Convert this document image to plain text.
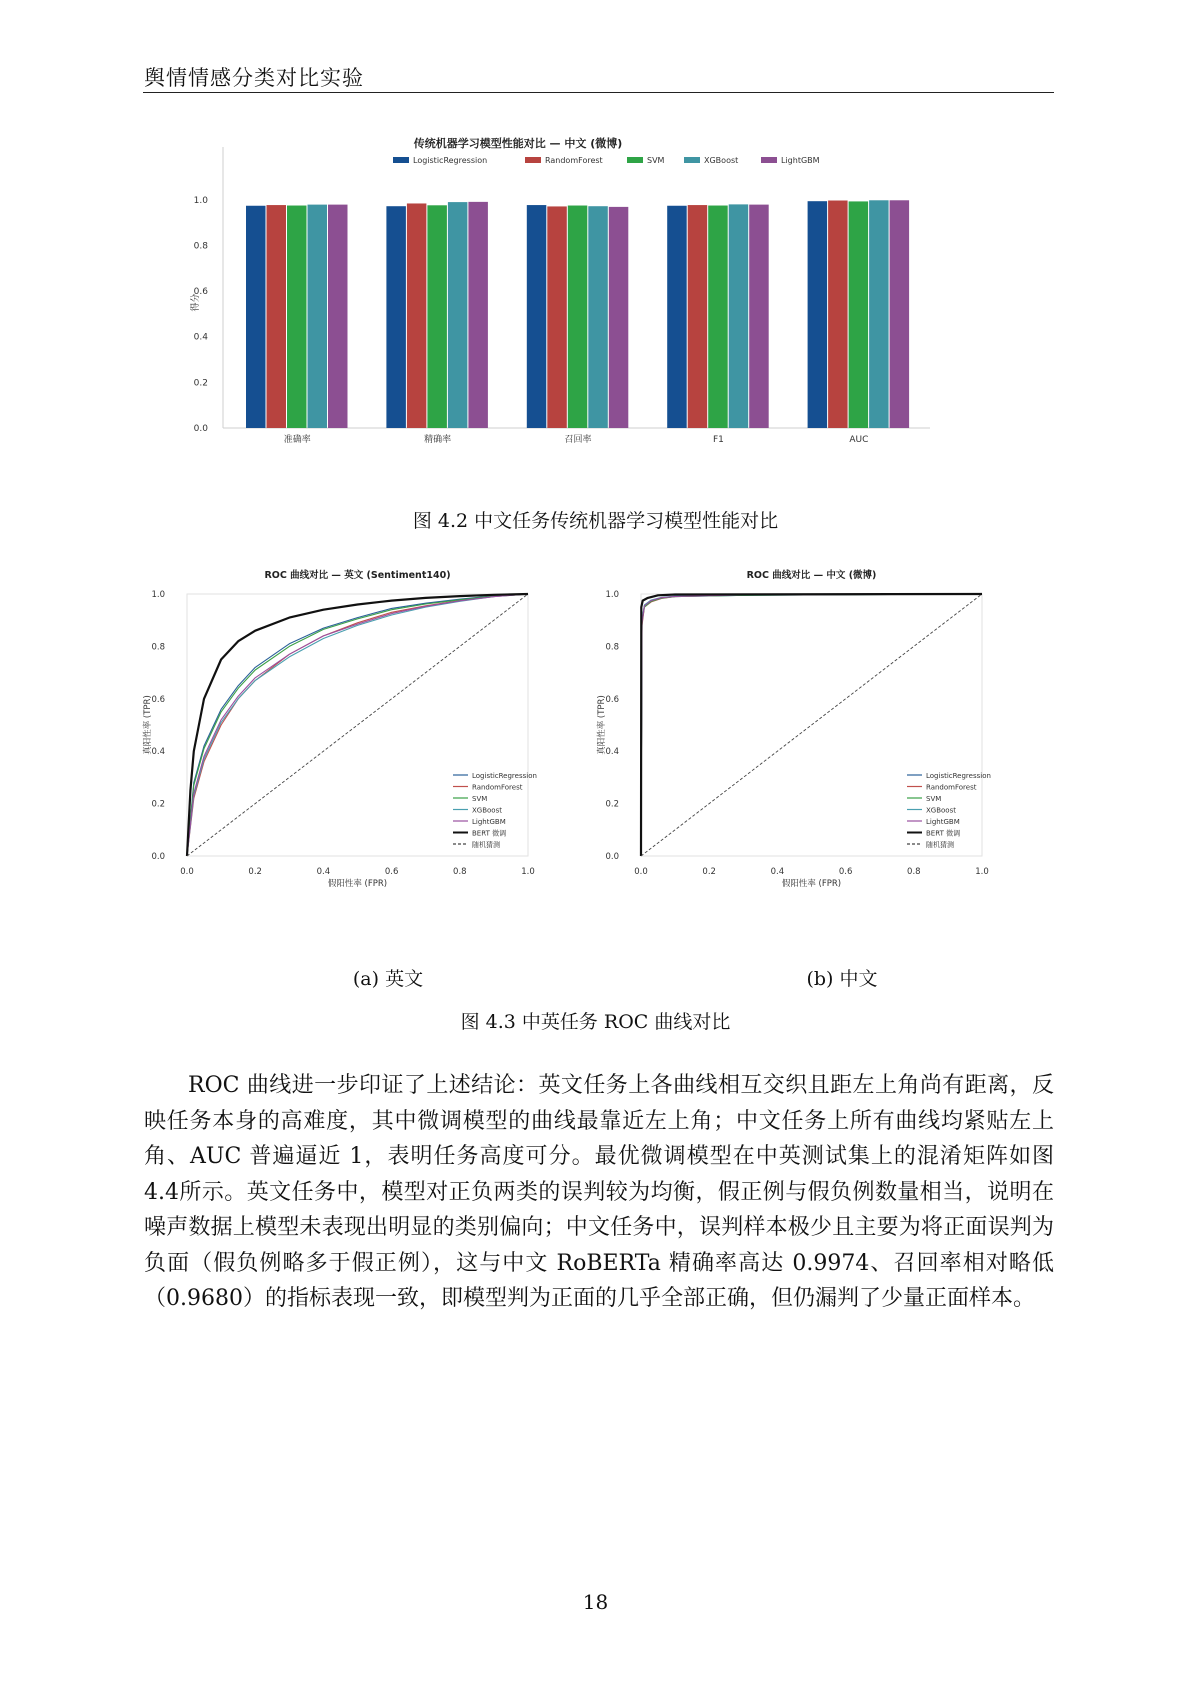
舆情情感分类对比实验
传统机器学习模型性能对比 — 中文 (微博)
LogisticRegression	RandomForest	SVM	XGBoost	LightGBM
0.0
0.2
0.4
0.6
0.8
1.0
得分
准确率	精确率	召回率	F1	AUC
图 4.2 中文任务传统机器学习模型性能对比
ROC 曲线对比 — 英文 (Sentiment140)
0.0
0.0
0.2
0.2
0.4
0.4
0.6
0.6
0.8
0.8
1.0
1.0
假阳性率 (FPR)
真阳性率 (TPR)
LogisticRegression
RandomForest
SVM
XGBoost
LightGBM
BERT 微调
随机猜测
ROC 曲线对比 — 中文 (微博)
0.0
0.0
0.2
0.2
0.4
0.4
0.6
0.6
0.8
0.8
1.0
1.0
假阳性率 (FPR)
真阳性率 (TPR)
LogisticRegression
RandomForest
SVM
XGBoost
LightGBM
BERT 微调
随机猜测
(a) 英文	(b) 中文
图 4.3 中英任务 ROC 曲线对比
ROC 曲线进一步印证了上述结论：英文任务上各曲线相互交织且距左上角尚有距离，反映任务本身的高难度，其中微调模型的曲线最靠近左上角；中文任务上所有曲线均紧贴左上角、AUC 普遍逼近 1，表明任务高度可分。最优微调模型在中英测试集上的混淆矩阵如图 4.4所示。英文任务中，模型对正负两类的误判较为均衡，假正例与假负例数量相当，说明在噪声数据上模型未表现出明显的类别偏向；中文任务中，误判样本极少且主要为将正面误判为负面（假负例略多于假正例），这与中文 RoBERTa 精确率高达 0.9974、召回率相对略低（0.9680）的指标表现一致，即模型判为正面的几乎全部正确，但仍漏判了少量正面样本。
18
